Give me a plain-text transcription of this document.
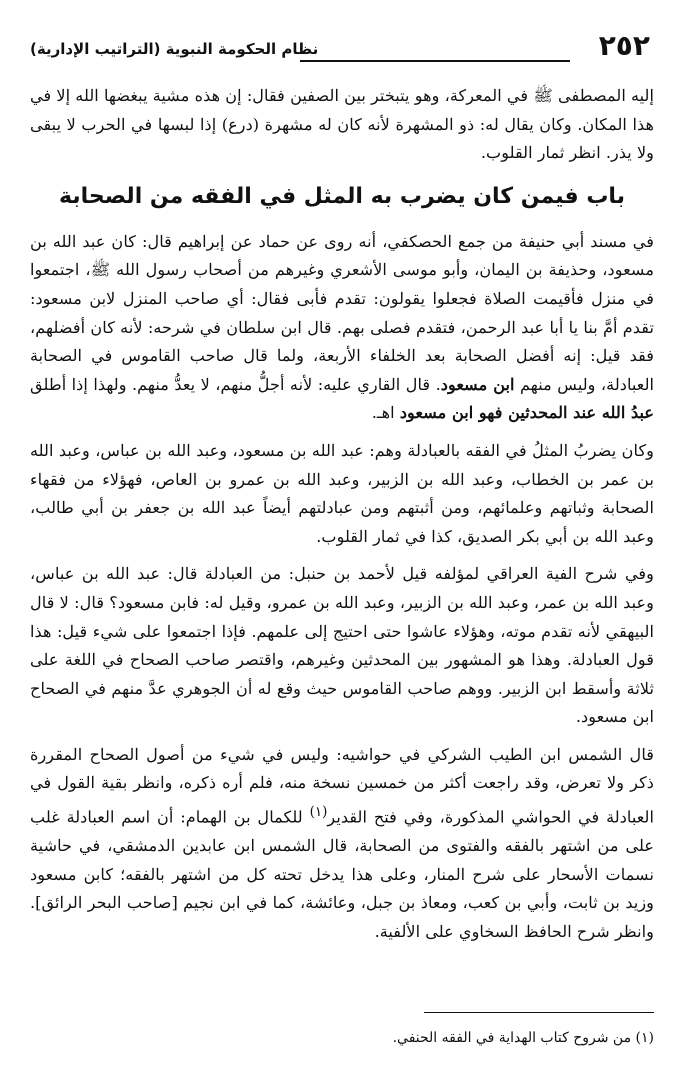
٢٥٢
نظام الحكومة النبوية (التراتيب الإدارية)

إليه المصطفى ﷺ في المعركة، وهو يتبختر بين الصفين فقال: إن هذه مشية يبغضها الله إلا في هذا المكان. وكان يقال له: ذو المشهرة لأنه كان له مشهرة (درع) إذا لبسها في الحرب لا يبقى ولا يذر. انظر ثمار القلوب.

باب فيمن كان يضرب به المثل في الفقه من الصحابة

في مسند أبي حنيفة من جمع الحصكفي، أنه روى عن حماد عن إبراهيم قال: كان عبد الله بن مسعود، وحذيفة بن اليمان، وأبو موسى الأشعري وغيرهم من أصحاب رسول الله ﷺ، اجتمعوا في منزل فأقيمت الصلاة فجعلوا يقولون: تقدم فأبى فقال: أي صاحب المنزل لابن مسعود: تقدم أمَّ بنا يا أبا عبد الرحمن، فتقدم فصلى بهم. قال ابن سلطان في شرحه: لأنه كان أفضلهم، فقد قيل: إنه أفضل الصحابة بعد الخلفاء الأربعة، ولما قال صاحب القاموس في الصحابة العبادلة، وليس منهم ابن مسعود. قال القاري عليه: لأنه أجلُّ منهم، لا يعدُّ منهم. ولهذا إذا أطلق عبدُ الله عند المحدثين فهو ابن مسعود اهـ.

وكان يضربُ المثلُ في الفقه بالعبادلة وهم: عبد الله بن مسعود، وعبد الله بن عباس، وعبد الله بن عمر بن الخطاب، وعبد الله بن الزبير، وعبد الله بن عمرو بن العاص، فهؤلاء من فقهاء الصحابة وثباتهم وعلمائهم، ومن أثبتهم ومن عبادلتهم أيضاً عبد الله بن جعفر بن أبي طالب، وعبد الله بن أبي بكر الصديق، كذا في ثمار القلوب.

وفي شرح الفية العراقي لمؤلفه قيل لأحمد بن حنبل: من العبادلة قال: عبد الله بن عباس، وعبد الله بن عمر، وعبد الله بن الزبير، وعبد الله بن عمرو، وقيل له: فابن مسعود؟ قال: لا قال البيهقي لأنه تقدم موته، وهؤلاء عاشوا حتى احتيج إلى علمهم. فإذا اجتمعوا على شيء قيل: هذا قول العبادلة. وهذا هو المشهور بين المحدثين وغيرهم، واقتصر صاحب الصحاح في اللغة على ثلاثة وأسقط ابن الزبير. ووهم صاحب القاموس حيث وقع له أن الجوهري عدَّ منهم في الصحاح ابن مسعود.

قال الشمس ابن الطيب الشركي في حواشيه: وليس في شيء من أصول الصحاح المقررة ذكر ولا تعرض، وقد راجعت أكثر من خمسين نسخة منه، فلم أره ذكره، وانظر بقية القول في العبادلة في الحواشي المذكورة، وفي فتح القدير$^{(١)}$ للكمال بن الهمام: أن اسم العبادلة غلب على من اشتهر بالفقه والفتوى من الصحابة، قال الشمس ابن عابدين الدمشقي، في حاشية نسمات الأسحار على شرح المنار، وعلى هذا يدخل تحته كل من اشتهر بالفقه؛ كابن مسعود وزيد بن ثابت، وأبي بن كعب، ومعاذ بن جبل، وعائشة، كما في ابن نجيم [صاحب البحر الرائق]. وانظر شرح الحافظ السخاوي على الألفية.

(١) من شروح كتاب الهداية في الفقه الحنفي.
